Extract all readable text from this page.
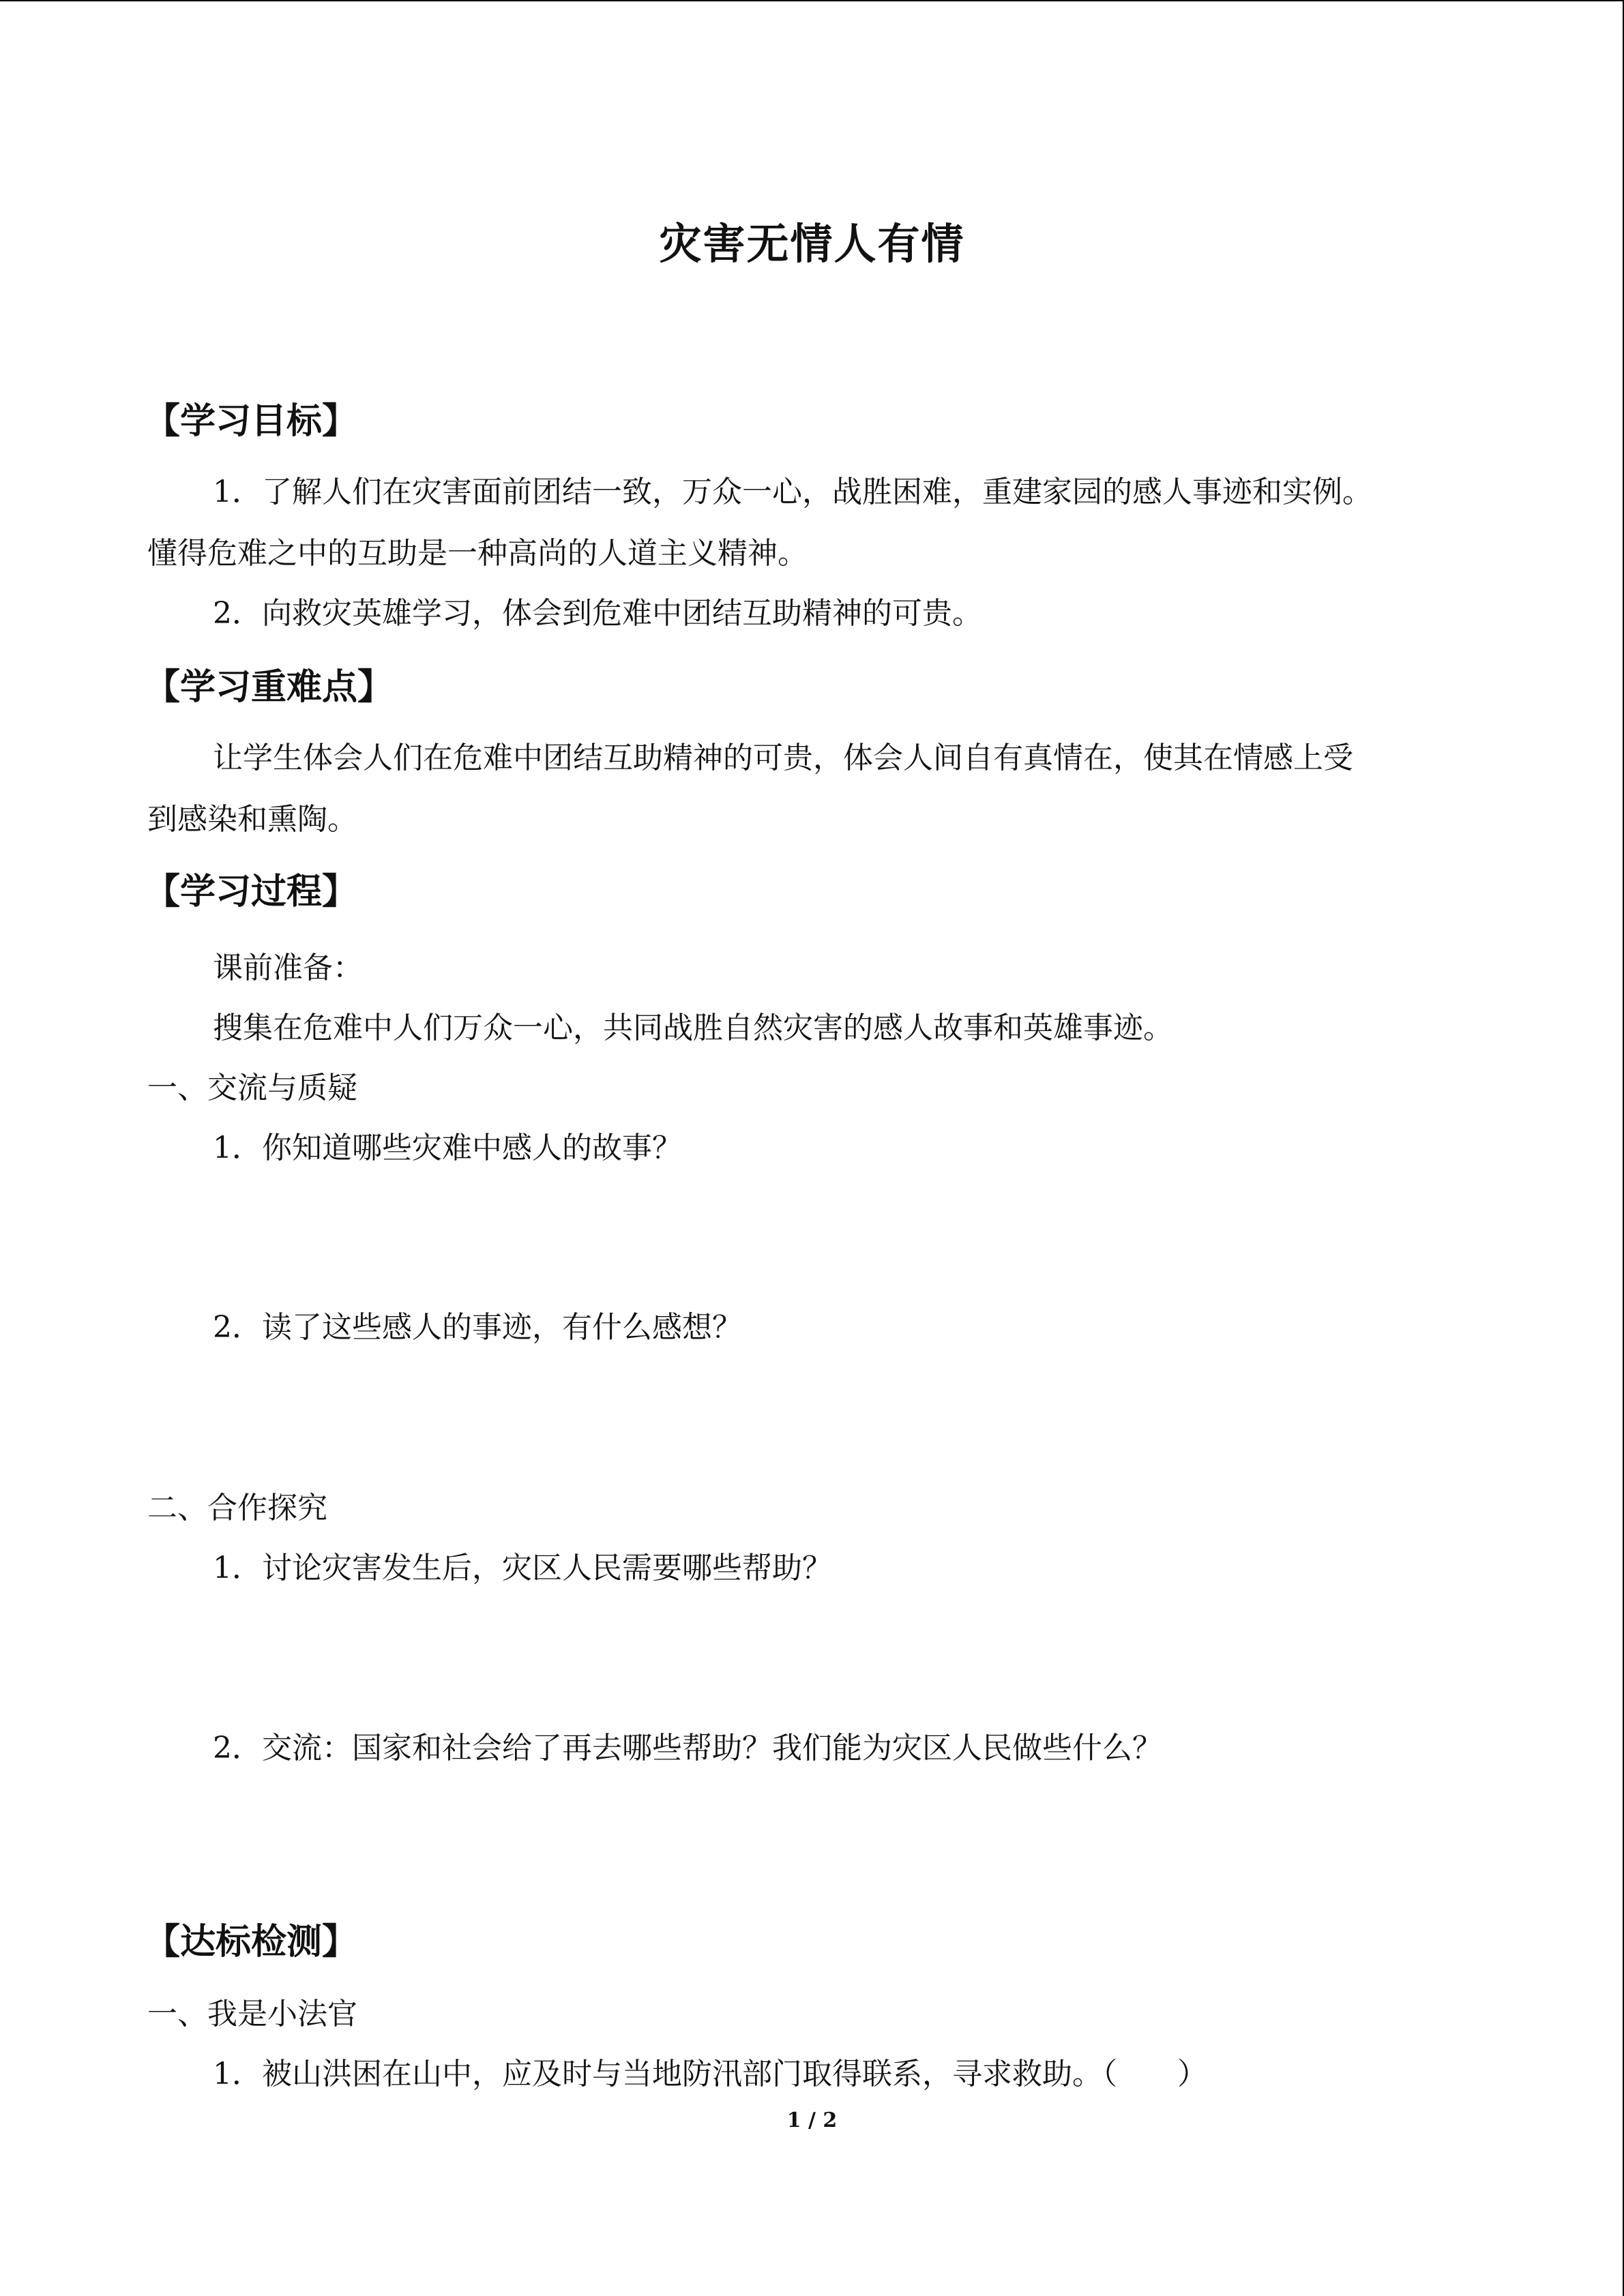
灾害无情人有情
【学习目标】
1．了解人们在灾害面前团结一致，万众一心，战胜困难，重建家园的感人事迹和实例。
懂得危难之中的互助是一种高尚的人道主义精神。
2．向救灾英雄学习，体会到危难中团结互助精神的可贵。
【学习重难点】
让学生体会人们在危难中团结互助精神的可贵，体会人间自有真情在，使其在情感上受
到感染和熏陶。
【学习过程】
课前准备：
搜集在危难中人们万众一心，共同战胜自然灾害的感人故事和英雄事迹。
一、交流与质疑
1．你知道哪些灾难中感人的故事？
2．读了这些感人的事迹，有什么感想？
二、合作探究
1．讨论灾害发生后，灾区人民需要哪些帮助？
2．交流：国家和社会给了再去哪些帮助？我们能为灾区人民做些什么？
【达标检测】
一、我是小法官
1．被山洪困在山中，应及时与当地防汛部门取得联系，寻求救助。（　　）
1 / 2
